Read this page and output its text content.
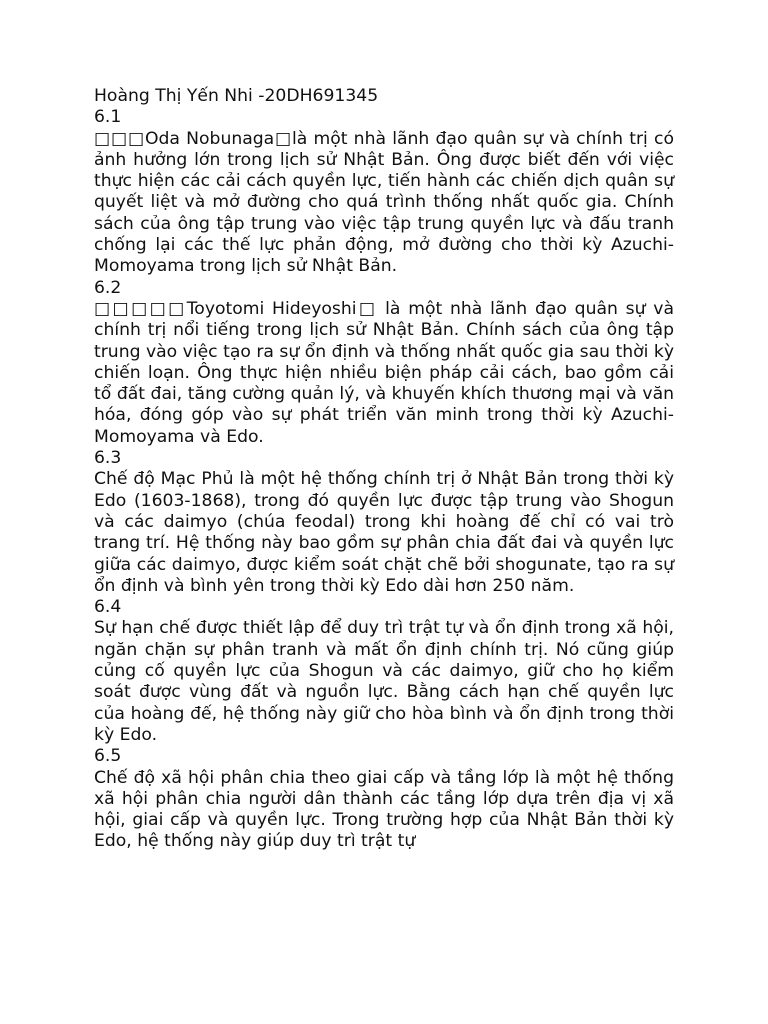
Hoàng Thị Yến Nhi -20DH691345
6.1
□□□Oda Nobunaga□là một nhà lãnh đạo quân sự và chính trị có ảnh hưởng lớn trong lịch sử Nhật Bản. Ông được biết đến với việc thực hiện các cải cách quyền lực, tiến hành các chiến dịch quân sự quyết liệt và mở đường cho quá trình thống nhất quốc gia. Chính sách của ông tập trung vào việc tập trung quyền lực và đấu tranh chống lại các thế lực phản động, mở đường cho thời kỳ Azuchi-Momoyama trong lịch sử Nhật Bản.
6.2
□□□□□Toyotomi Hideyoshi□ là một nhà lãnh đạo quân sự và chính trị nổi tiếng trong lịch sử Nhật Bản. Chính sách của ông tập trung vào việc tạo ra sự ổn định và thống nhất quốc gia sau thời kỳ chiến loạn. Ông thực hiện nhiều biện pháp cải cách, bao gồm cải tổ đất đai, tăng cường quản lý, và khuyến khích thương mại và văn hóa, đóng góp vào sự phát triển văn minh trong thời kỳ Azuchi-Momoyama và Edo.
6.3
Chế độ Mạc Phủ là một hệ thống chính trị ở Nhật Bản trong thời kỳ Edo (1603-1868), trong đó quyền lực được tập trung vào Shogun và các daimyo (chúa feodal) trong khi hoàng đế chỉ có vai trò trang trí. Hệ thống này bao gồm sự phân chia đất đai và quyền lực giữa các daimyo, được kiểm soát chặt chẽ bởi shogunate, tạo ra sự ổn định và bình yên trong thời kỳ Edo dài hơn 250 năm.
6.4
Sự hạn chế được thiết lập để duy trì trật tự và ổn định trong xã hội, ngăn chặn sự phân tranh và mất ổn định chính trị. Nó cũng giúp củng cố quyền lực của Shogun và các daimyo, giữ cho họ kiểm soát được vùng đất và nguồn lực. Bằng cách hạn chế quyền lực của hoàng đế, hệ thống này giữ cho hòa bình và ổn định trong thời kỳ Edo.
6.5
Chế độ xã hội phân chia theo giai cấp và tầng lớp là một hệ thống xã hội phân chia người dân thành các tầng lớp dựa trên địa vị xã hội, giai cấp và quyền lực. Trong trường hợp của Nhật Bản thời kỳ Edo, hệ thống này giúp duy trì trật tự
